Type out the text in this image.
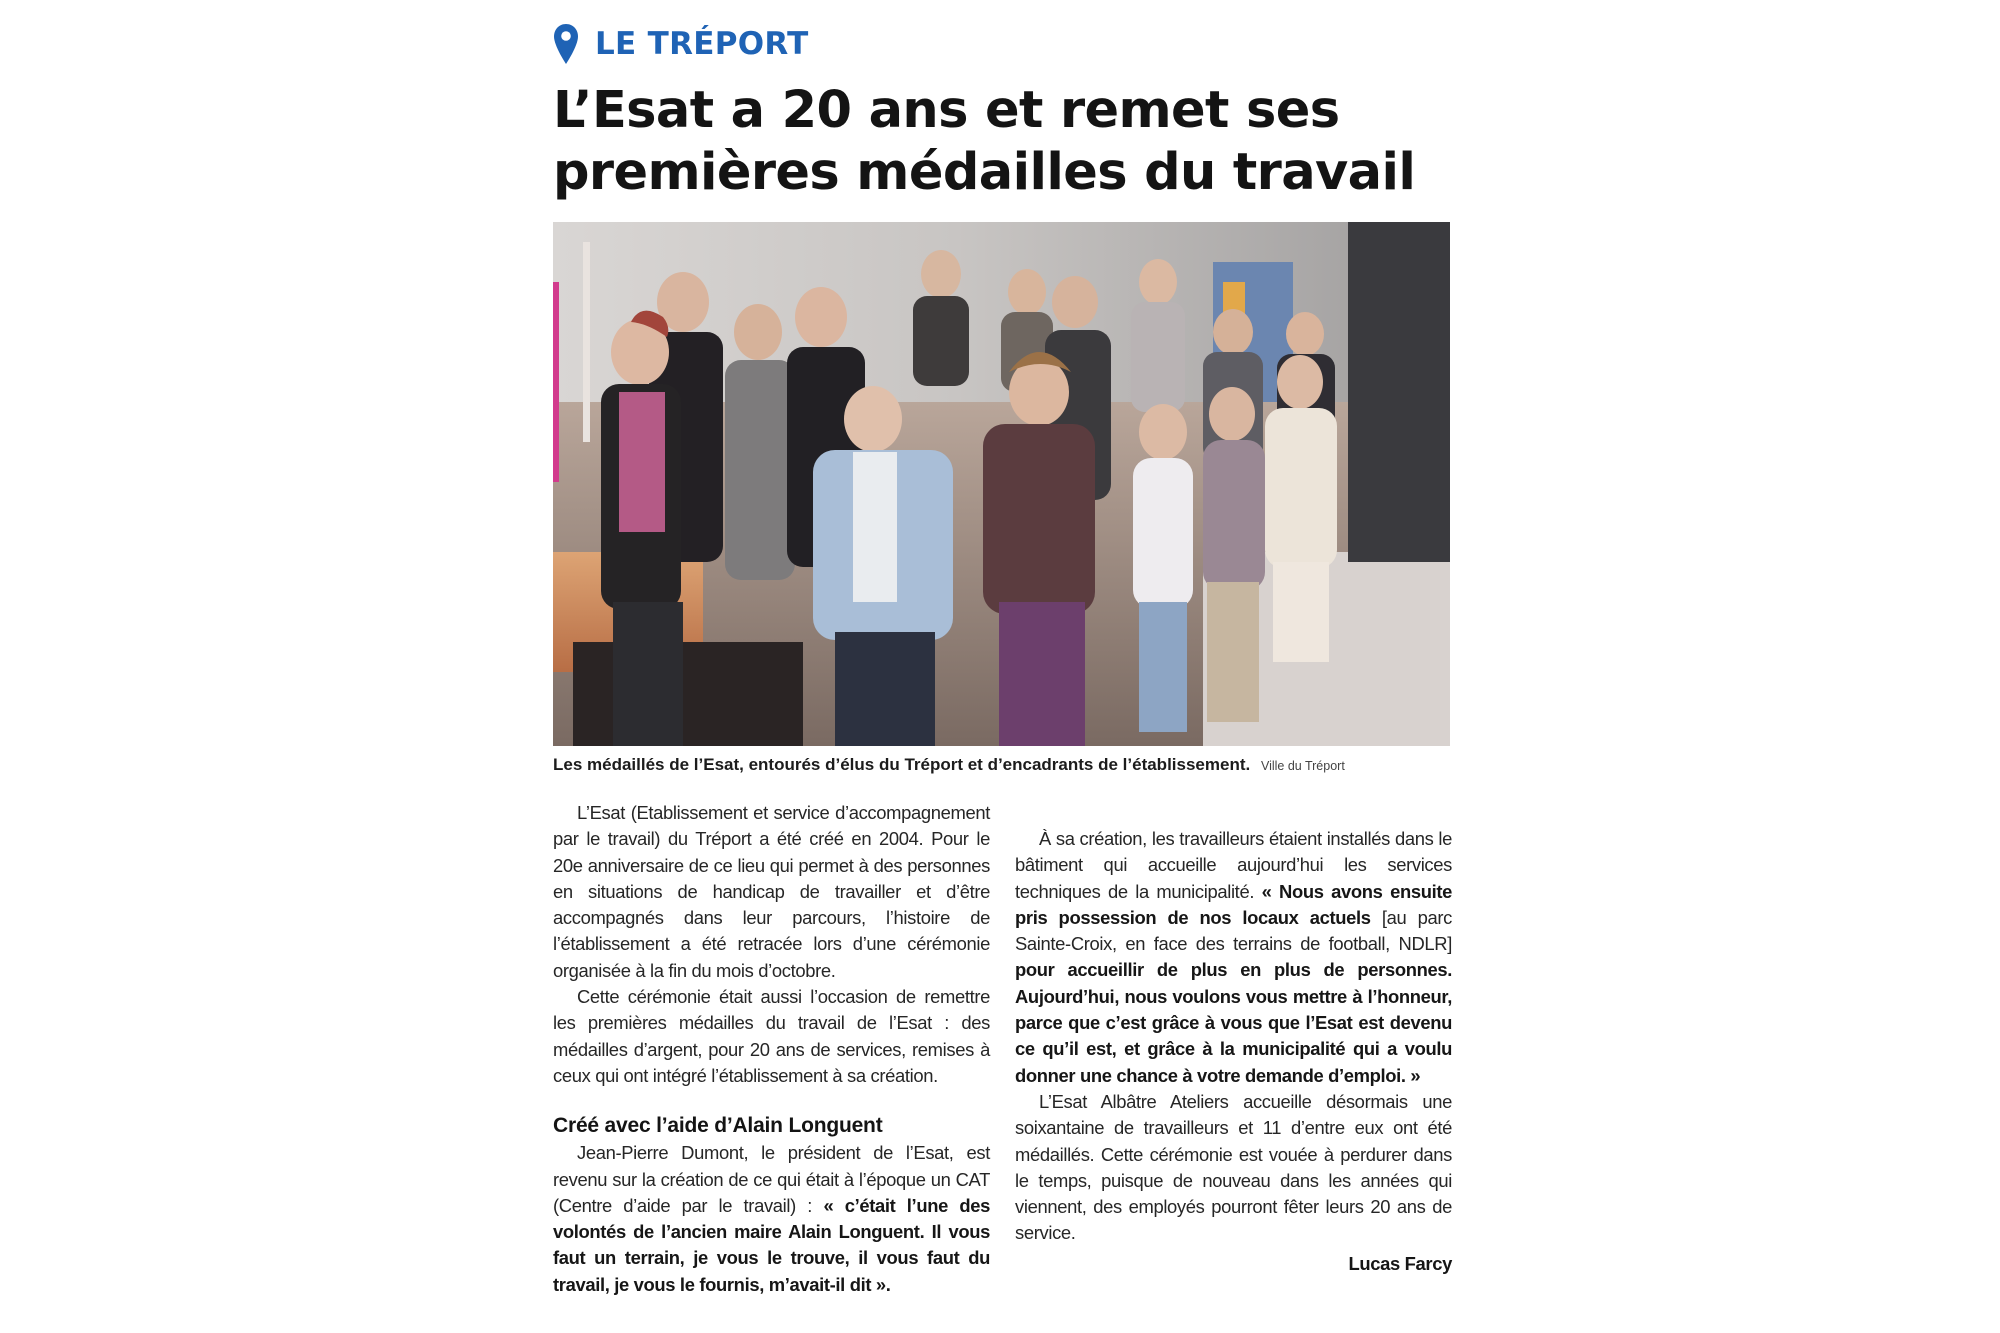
LE TRÉPORT
L’Esat a 20 ans et remet ses
premières médailles du travail
Les médaillés de l’Esat, entourés d’élus du Tréport et d’encadrants de l’établissement. Ville du Tréport

L’Esat (Etablissement et service d’accompagnement par le travail) du Tréport a été créé en 2004. Pour le 20e anniversaire de ce lieu qui permet à des personnes en situations de handicap de travailler et d’être accompagnés dans leur parcours, l’histoire de l’établissement a été retracée lors d’une cérémonie organisée à la fin du mois d’octobre.

Cette cérémonie était aussi l’occasion de remettre les premières médailles du travail de l’Esat : des médailles d’argent, pour 20 ans de services, remises à ceux qui ont intégré l’établissement à sa création.

Créé avec l’aide d’Alain Longuent

Jean-Pierre Dumont, le président de l’Esat, est revenu sur la création de ce qui était à l’époque un CAT (Centre d’aide par le travail) : « c’était l’une des volontés de l’ancien maire Alain Longuent. Il vous faut un terrain, je vous le trouve, il vous faut du travail, je vous le fournis, m’avait-il dit ».

À sa création, les travailleurs étaient installés dans le bâtiment qui accueille aujourd’hui les services techniques de la municipalité. « Nous avons ensuite pris possession de nos locaux actuels [au parc Sainte-Croix, en face des terrains de football, NDLR] pour accueillir de plus en plus de personnes. Aujourd’hui, nous voulons vous mettre à l’honneur, parce que c’est grâce à vous que l’Esat est devenu ce qu’il est, et grâce à la municipalité qui a voulu donner une chance à votre demande d’emploi. »

L’Esat Albâtre Ateliers accueille désormais une soixantaine de travailleurs et 11 d’entre eux ont été médaillés. Cette cérémonie est vouée à perdurer dans le temps, puisque de nouveau dans les années qui viennent, des employés pourront fêter leurs 20 ans de service.

Lucas Farcy
